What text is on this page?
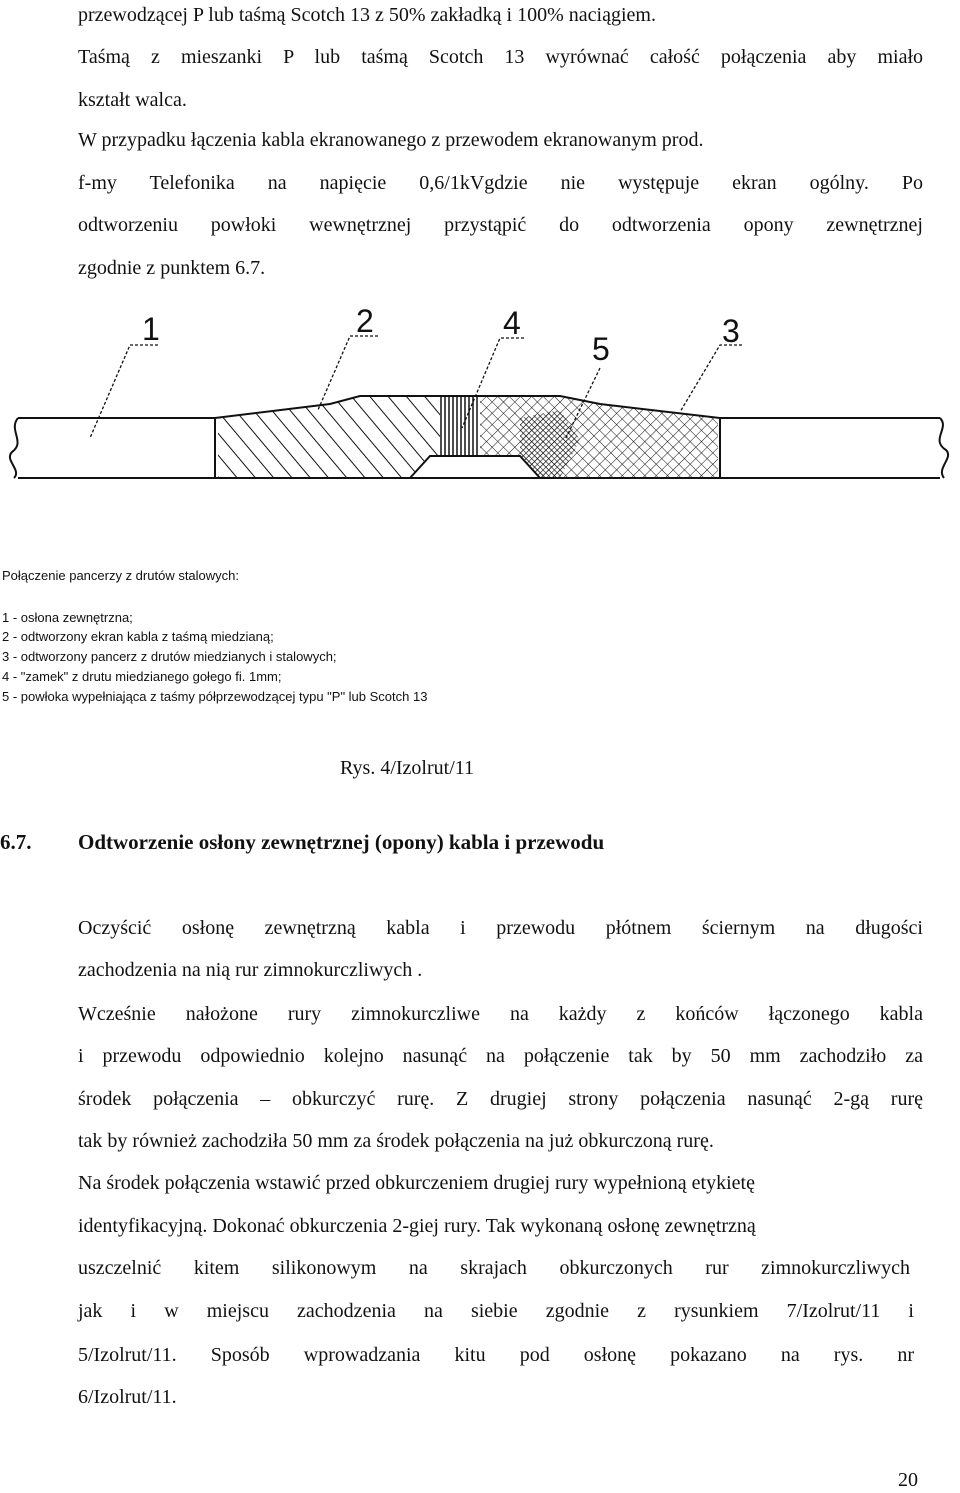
przewodzącej P lub taśmą Scotch 13 z 50% zakładką i 100% naciągiem.
Taśmą z mieszanki P lub taśmą Scotch 13 wyrównać całość połączenia aby miało
kształt walca.
W przypadku łączenia kabla ekranowanego z przewodem ekranowanym prod.
f-my Telefonika na napięcie 0,6/1kVgdzie nie występuje ekran ogólny. Po
odtworzeniu powłoki wewnętrznej przystąpić do odtworzenia opony zewnętrznej
zgodnie z punktem 6.7.
1	2	4
5	3
Połączenie pancerzy z drutów stalowych:
1 - osłona zewnętrzna;
2 - odtworzony ekran kabla z taśmą miedzianą;
3 - odtworzony pancerz z drutów miedzianych i stalowych;
4 - "zamek" z drutu miedzianego gołego fi. 1mm;
5 - powłoka wypełniająca z taśmy półprzewodzącej typu "P" lub Scotch 13
Rys. 4/Izolrut/11
6.7.	Odtworzenie osłony zewnętrznej (opony) kabla i przewodu
Oczyścić osłonę zewnętrzną kabla i przewodu płótnem ściernym na długości
zachodzenia na nią rur zimnokurczliwych .
Wcześnie nałożone rury zimnokurczliwe na każdy z końców łączonego kabla
i przewodu odpowiednio kolejno nasunąć na połączenie tak by 50 mm zachodziło za
środek połączenia – obkurczyć rurę. Z drugiej strony połączenia nasunąć 2-gą rurę
tak by również zachodziła 50 mm za środek połączenia na już obkurczoną rurę.
Na środek połączenia wstawić przed obkurczeniem drugiej rury wypełnioną etykietę
identyfikacyjną. Dokonać obkurczenia 2-giej rury. Tak wykonaną osłonę zewnętrzną
uszczelnić kitem silikonowym na skrajach obkurczonych rur zimnokurczliwych
jak i w miejscu zachodzenia na siebie zgodnie z rysunkiem 7/Izolrut/11 i
5/Izolrut/11. Sposób wprowadzania kitu pod osłonę pokazano na rys. nr
6/Izolrut/11.
20
